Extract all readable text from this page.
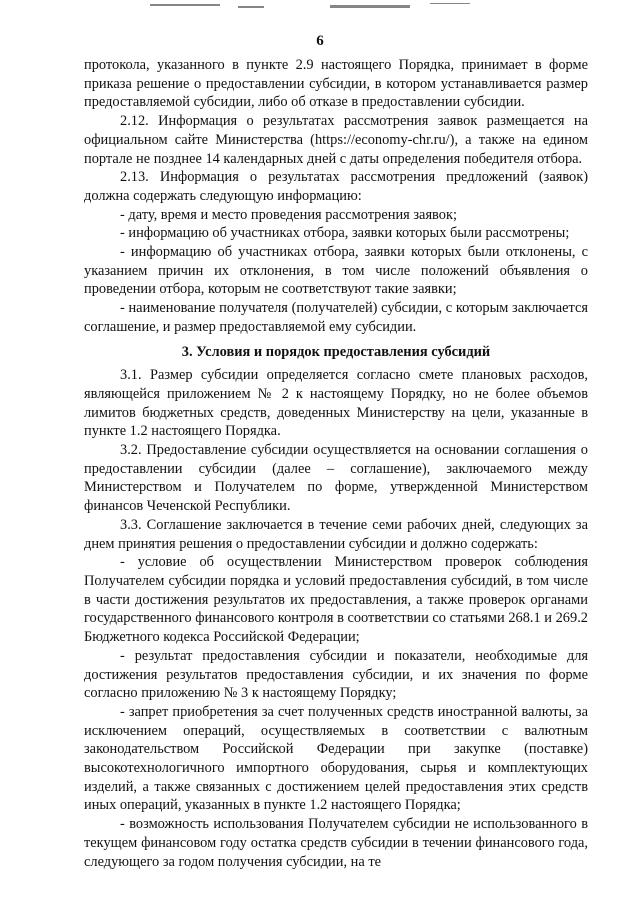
6

протокола, указанного в пункте 2.9 настоящего Порядка, принимает в форме приказа решение о предоставлении субсидии, в котором устанавливается размер предоставляемой субсидии, либо об отказе в предоставлении субсидии.

2.12. Информация о результатах рассмотрения заявок размещается на официальном сайте Министерства (https://economy-chr.ru/), а также на едином портале не позднее 14 календарных дней с даты определения победителя отбора.

2.13. Информация о результатах рассмотрения предложений (заявок) должна содержать следующую информацию:

- дату, время и место проведения рассмотрения заявок;

- информацию об участниках отбора, заявки которых были рассмотрены;

- информацию об участниках отбора, заявки которых были отклонены, с указанием причин их отклонения, в том числе положений объявления о проведении отбора, которым не соответствуют такие заявки;

- наименование получателя (получателей) субсидии, с которым заключается соглашение, и размер предоставляемой ему субсидии.

3. Условия и порядок предоставления субсидий

3.1. Размер субсидии определяется согласно смете плановых расходов, являющейся приложением № 2 к настоящему Порядку, но не более объемов лимитов бюджетных средств, доведенных Министерству на цели, указанные в пункте 1.2 настоящего Порядка.

3.2. Предоставление субсидии осуществляется на основании соглашения о предоставлении субсидии (далее – соглашение), заключаемого между Министерством и Получателем по форме, утвержденной Министерством финансов Чеченской Республики.

3.3. Соглашение заключается в течение семи рабочих дней, следующих за днем принятия решения о предоставлении субсидии и должно содержать:

- условие об осуществлении Министерством проверок соблюдения Получателем субсидии порядка и условий предоставления субсидий, в том числе в части достижения результатов их предоставления, а также проверок органами государственного финансового контроля в соответствии со статьями 268.1 и 269.2 Бюджетного кодекса Российской Федерации;

- результат предоставления субсидии и показатели, необходимые для достижения результатов предоставления субсидии, и их значения по форме согласно приложению № 3 к настоящему Порядку;

- запрет приобретения за счет полученных средств иностранной валюты, за исключением операций, осуществляемых в соответствии с валютным законодательством Российской Федерации при закупке (поставке) высокотехнологичного импортного оборудования, сырья и комплектующих изделий, а также связанных с достижением целей предоставления этих средств иных операций, указанных в пункте 1.2 настоящего Порядка;

- возможность использования Получателем субсидии не использованного в текущем финансовом году остатка средств субсидии в течении финансового года, следующего за годом получения субсидии, на те
